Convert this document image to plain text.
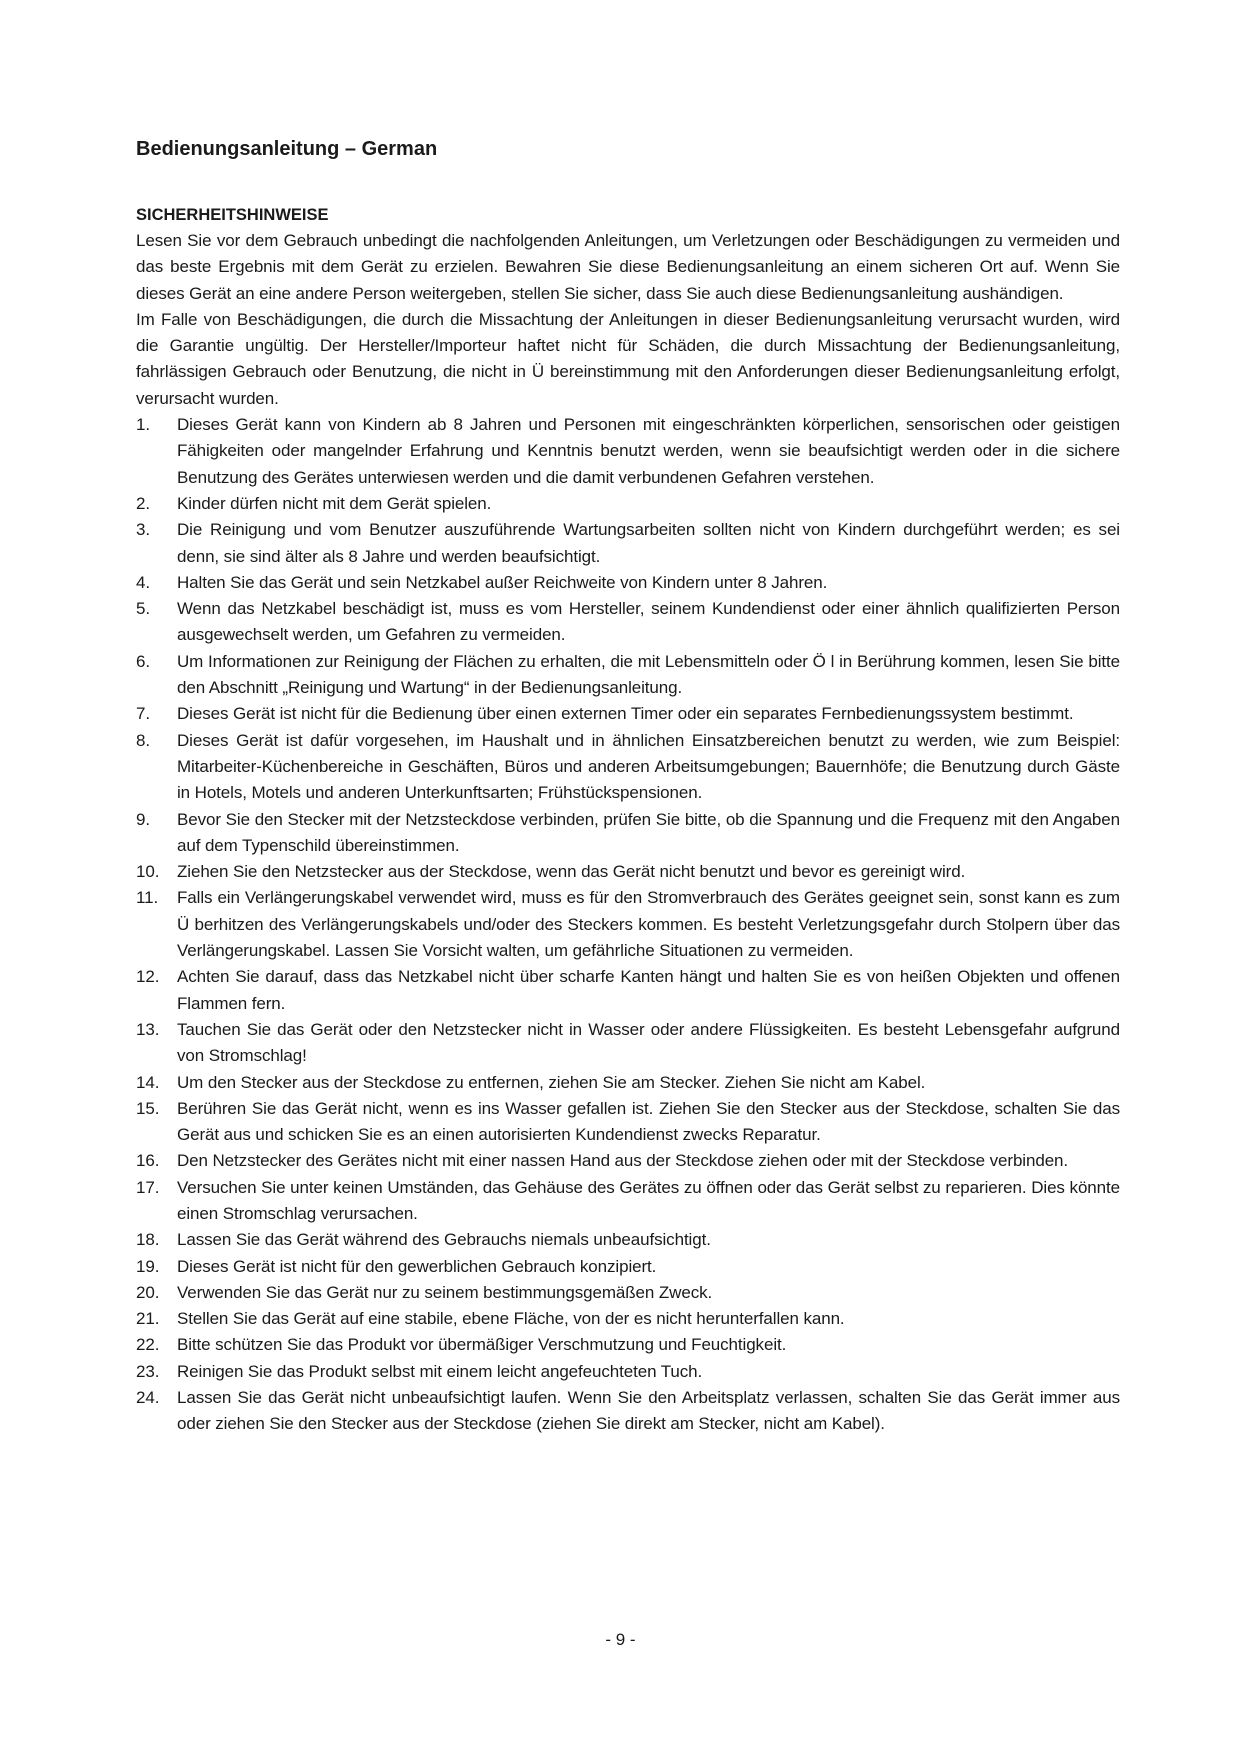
Bedienungsanleitung – German
SICHERHEITSHINWEISE

Lesen Sie vor dem Gebrauch unbedingt die nachfolgenden Anleitungen, um Verletzungen oder Beschädigungen zu vermeiden und das beste Ergebnis mit dem Gerät zu erzielen. Bewahren Sie diese Bedienungsanleitung an einem sicheren Ort auf. Wenn Sie dieses Gerät an eine andere Person weitergeben, stellen Sie sicher, dass Sie auch diese Bedienungsanleitung aushändigen.

Im Falle von Beschädigungen, die durch die Missachtung der Anleitungen in dieser Bedienungsanleitung verursacht wurden, wird die Garantie ungültig. Der Hersteller/Importeur haftet nicht für Schäden, die durch Missachtung der Bedienungsanleitung, fahrlässigen Gebrauch oder Benutzung, die nicht in Ü bereinstimmung mit den Anforderungen dieser Bedienungsanleitung erfolgt, verursacht wurden.

1. Dieses Gerät kann von Kindern ab 8 Jahren und Personen mit eingeschränkten körperlichen, sensorischen oder geistigen Fähigkeiten oder mangelnder Erfahrung und Kenntnis benutzt werden, wenn sie beaufsichtigt werden oder in die sichere Benutzung des Gerätes unterwiesen werden und die damit verbundenen Gefahren verstehen.
2. Kinder dürfen nicht mit dem Gerät spielen.
3. Die Reinigung und vom Benutzer auszuführende Wartungsarbeiten sollten nicht von Kindern durchgeführt werden; es sei denn, sie sind älter als 8 Jahre und werden beaufsichtigt.
4. Halten Sie das Gerät und sein Netzkabel außer Reichweite von Kindern unter 8 Jahren.
5. Wenn das Netzkabel beschädigt ist, muss es vom Hersteller, seinem Kundendienst oder einer ähnlich qualifizierten Person ausgewechselt werden, um Gefahren zu vermeiden.
6. Um Informationen zur Reinigung der Flächen zu erhalten, die mit Lebensmitteln oder Ö l in Berührung kommen, lesen Sie bitte den Abschnitt „Reinigung und Wartung“ in der Bedienungsanleitung.
7. Dieses Gerät ist nicht für die Bedienung über einen externen Timer oder ein separates Fernbedienungssystem bestimmt.
8. Dieses Gerät ist dafür vorgesehen, im Haushalt und in ähnlichen Einsatzbereichen benutzt zu werden, wie zum Beispiel: Mitarbeiter-Küchenbereiche in Geschäften, Büros und anderen Arbeitsumgebungen; Bauernhöfe; die Benutzung durch Gäste in Hotels, Motels und anderen Unterkunftsarten; Frühstückspensionen.
9. Bevor Sie den Stecker mit der Netzsteckdose verbinden, prüfen Sie bitte, ob die Spannung und die Frequenz mit den Angaben auf dem Typenschild übereinstimmen.
10. Ziehen Sie den Netzstecker aus der Steckdose, wenn das Gerät nicht benutzt und bevor es gereinigt wird.
11. Falls ein Verlängerungskabel verwendet wird, muss es für den Stromverbrauch des Gerätes geeignet sein, sonst kann es zum Ü berhitzen des Verlängerungskabels und/oder des Steckers kommen. Es besteht Verletzungsgefahr durch Stolpern über das Verlängerungskabel. Lassen Sie Vorsicht walten, um gefährliche Situationen zu vermeiden.
12. Achten Sie darauf, dass das Netzkabel nicht über scharfe Kanten hängt und halten Sie es von heißen Objekten und offenen Flammen fern.
13. Tauchen Sie das Gerät oder den Netzstecker nicht in Wasser oder andere Flüssigkeiten. Es besteht Lebensgefahr aufgrund von Stromschlag!
14. Um den Stecker aus der Steckdose zu entfernen, ziehen Sie am Stecker. Ziehen Sie nicht am Kabel.
15. Berühren Sie das Gerät nicht, wenn es ins Wasser gefallen ist. Ziehen Sie den Stecker aus der Steckdose, schalten Sie das Gerät aus und schicken Sie es an einen autorisierten Kundendienst zwecks Reparatur.
16. Den Netzstecker des Gerätes nicht mit einer nassen Hand aus der Steckdose ziehen oder mit der Steckdose verbinden.
17. Versuchen Sie unter keinen Umständen, das Gehäuse des Gerätes zu öffnen oder das Gerät selbst zu reparieren. Dies könnte einen Stromschlag verursachen.
18. Lassen Sie das Gerät während des Gebrauchs niemals unbeaufsichtigt.
19. Dieses Gerät ist nicht für den gewerblichen Gebrauch konzipiert.
20. Verwenden Sie das Gerät nur zu seinem bestimmungsgemäßen Zweck.
21. Stellen Sie das Gerät auf eine stabile, ebene Fläche, von der es nicht herunterfallen kann.
22. Bitte schützen Sie das Produkt vor übermäßiger Verschmutzung und Feuchtigkeit.
23. Reinigen Sie das Produkt selbst mit einem leicht angefeuchteten Tuch.
24. Lassen Sie das Gerät nicht unbeaufsichtigt laufen. Wenn Sie den Arbeitsplatz verlassen, schalten Sie das Gerät immer aus oder ziehen Sie den Stecker aus der Steckdose (ziehen Sie direkt am Stecker, nicht am Kabel).
- 9 -
